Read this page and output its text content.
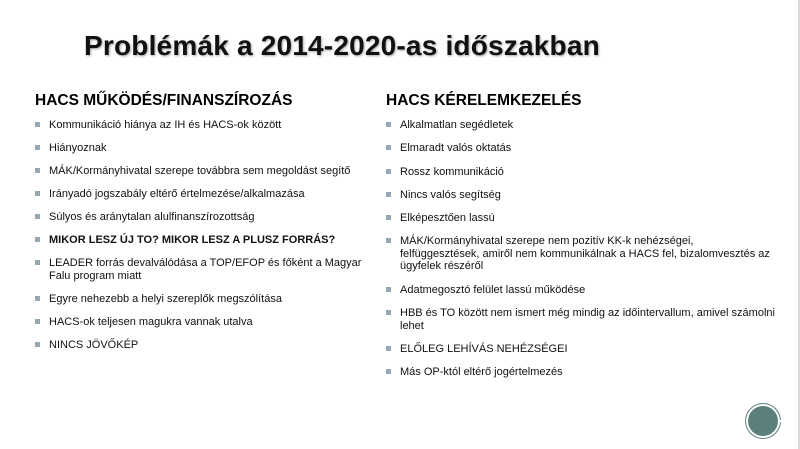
Problémák a 2014-2020-as időszakban
HACS MŰKÖDÉS/FINANSZÍROZÁS
Kommunikáció hiánya az IH és HACS-ok között
Hiányoznak
MÁK/Kormányhivatal szerepe továbbra sem megoldást segítő
Irányadó jogszabály eltérő értelmezése/alkalmazása
Súlyos és aránytalan alulfinanszírozottság
MIKOR LESZ ÚJ TO? MIKOR LESZ A PLUSZ FORRÁS?
LEADER forrás devalválódása a TOP/EFOP és főként a Magyar Falu program miatt
Egyre nehezebb a helyi szereplők megszólítása
HACS-ok teljesen magukra vannak utalva
NINCS JÖVŐKÉP
HACS KÉRELEMKEZELÉS
Alkalmatlan segédletek
Elmaradt valós oktatás
Rossz kommunikáció
Nincs valós segítség
Elképesztően lassú
MÁK/Kormányhivatal szerepe nem pozitív KK-k nehézségei, felfüggesztések, amiről nem kommunikálnak a HACS fel, bizalomvesztés az ügyfelek részéről
Adatmegosztó felület lassú működése
HBB és TO között nem ismert még mindig az időintervallum, amivel számolni lehet
ELŐLEG LEHÍVÁS NEHÉZSÉGEI
Más OP-któl eltérő jogértelmezés
